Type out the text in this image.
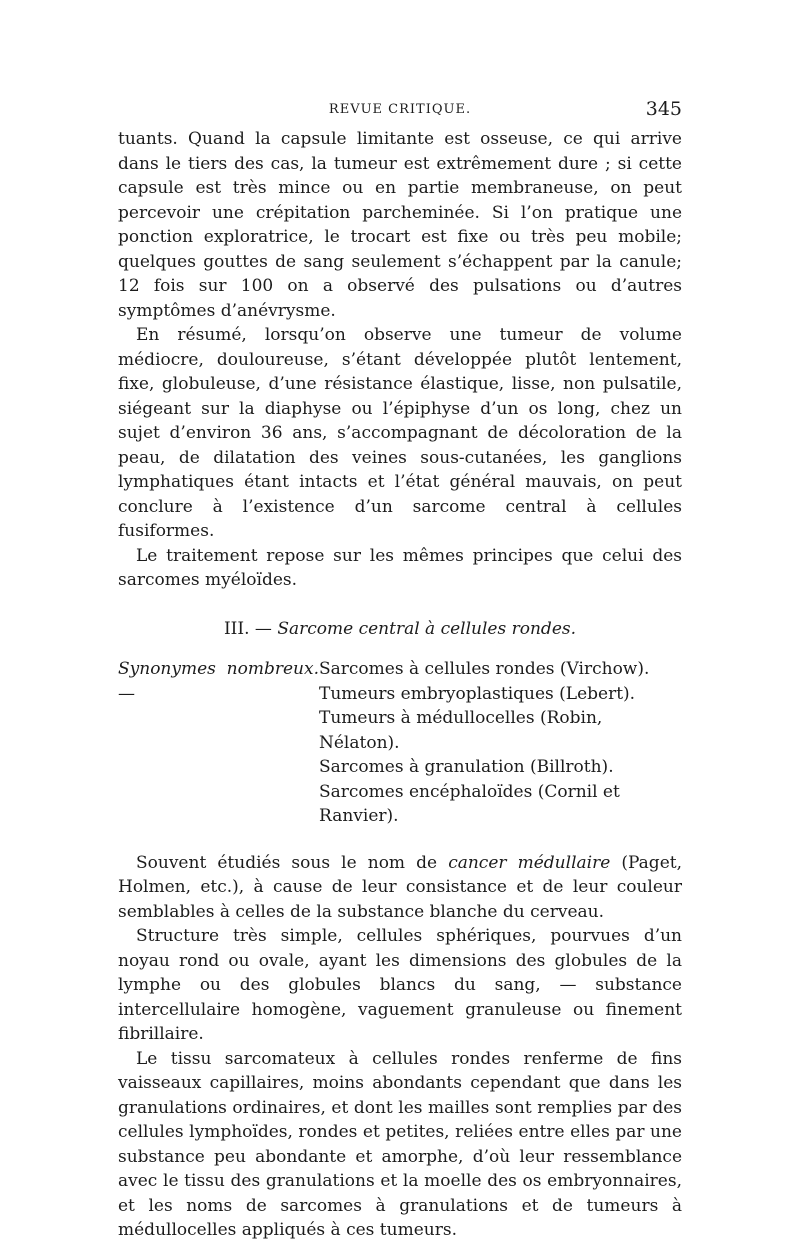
REVUE CRITIQUE.	345

tuants. Quand la capsule limitante est osseuse, ce qui arrive dans le tiers des cas, la tumeur est extrêmement dure ; si cette capsule est très mince ou en partie membraneuse, on peut percevoir une crépitation parcheminée. Si l’on pratique une ponction exploratrice, le trocart est fixe ou très peu mobile; quelques gouttes de sang seulement s’échappent par la canule; 12 fois sur 100 on a observé des pulsations ou d’autres symptômes d’anévrysme.

En résumé, lorsqu’on observe une tumeur de volume médiocre, douloureuse, s’étant développée plutôt lentement, fixe, globuleuse, d’une résistance élastique, lisse, non pulsatile, siégeant sur la diaphyse ou l’épiphyse d’un os long, chez un sujet d’environ 36 ans, s’accompagnant de décoloration de la peau, de dilatation des veines sous-cutanées, les ganglions lymphatiques étant intacts et l’état général mauvais, on peut conclure à l’existence d’un sarcome central à cellules fusiformes.

Le traitement repose sur les mêmes principes que celui des sarcomes myéloïdes.

III. — Sarcome central à cellules rondes.
Synonymes nombreux. —
Sarcomes à cellules rondes (Virchow).
Tumeurs embryoplastiques (Lebert).
Tumeurs à médullocelles (Robin, Nélaton).
Sarcomes à granulation (Billroth).
Sarcomes encéphaloïdes (Cornil et Ranvier).

Souvent étudiés sous le nom de cancer médullaire (Paget, Holmen, etc.), à cause de leur consistance et de leur couleur semblables à celles de la substance blanche du cerveau.

Structure très simple, cellules sphériques, pourvues d’un noyau rond ou ovale, ayant les dimensions des globules de la lymphe ou des globules blancs du sang, — substance intercellulaire homogène, vaguement granuleuse ou finement fibrillaire.

Le tissu sarcomateux à cellules rondes renferme de fins vaisseaux capillaires, moins abondants cependant que dans les granulations ordinaires, et dont les mailles sont remplies par des cellules lymphoïdes, rondes et petites, reliées entre elles par une substance peu abondante et amorphe, d’où leur ressemblance avec le tissu des granulations et la moelle des os embryonnaires, et les noms de sarcomes à granulations et de tumeurs à médullocelles appliqués à ces tumeurs.
